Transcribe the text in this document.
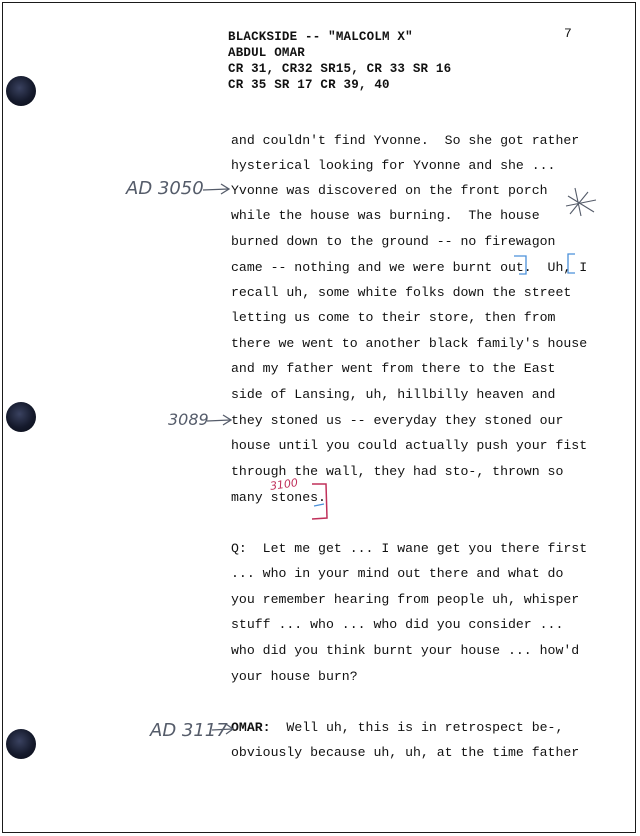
BLACKSIDE -- "MALCOLM X"
ABDUL OMAR
CR 31, CR32 SR15, CR 33 SR 16
CR 35 SR 17 CR 39, 40
7
and couldn't find Yvonne.  So she got rather
hysterical looking for Yvonne and she ...
Yvonne was discovered on the front porch
while the house was burning.  The house
burned down to the ground -- no firewagon
came -- nothing and we were burnt out.  Uh, I
recall uh, some white folks down the street
letting us come to their store, then from
there we went to another black family's house
and my father went from there to the East
side of Lansing, uh, hillbilly heaven and
they stoned us -- everyday they stoned our
house until you could actually push your fist
through the wall, they had sto-, thrown so
many stones.
Q:  Let me get ... I wane get you there first
... who in your mind out there and what do
you remember hearing from people uh, whisper
stuff ... who ... who did you consider ...
who did you think burnt your house ... how'd
your house burn?
OMAR:  Well uh, this is in retrospect be-,
obviously because uh, uh, at the time father
AD 3050
3089
3100
AD 3117
